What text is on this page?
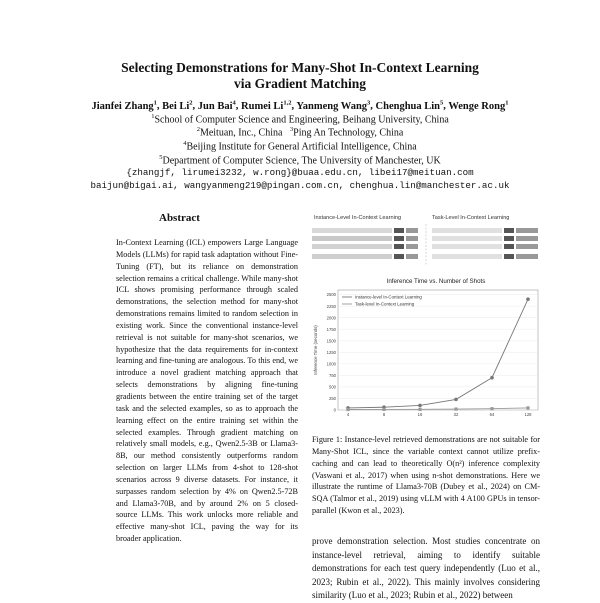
Selecting Demonstrations for Many-Shot In-Context Learning
via Gradient Matching
Jianfei Zhang$^1$, Bei Li$^2$, Jun Bai$^4$, Rumei Li$^{1,2}$, Yanmeng Wang$^3$, Chenghua Lin$^5$, Wenge Rong$^1$
$^1$School of Computer Science and Engineering, Beihang University, China
$^2$Meituan, Inc., China $^3$Ping An Technology, China
$^4$Beijing Institute for General Artificial Intelligence, China
$^5$Department of Computer Science, The University of Manchester, UK
{zhangjf, lirumei3232, w.rong}@buaa.edu.cn, libei17@meituan.com
baijun@bigai.ai, wangyanmeng219@pingan.com.cn, chenghua.lin@manchester.ac.uk
Abstract
In-Context Learning (ICL) empowers Large Language Models (LLMs) for rapid task adaptation without Fine-Tuning (FT), but its reliance on demonstration selection remains a critical challenge. While many-shot ICL shows promising performance through scaled demonstrations, the selection method for many-shot demonstrations remains limited to random selection in existing work. Since the conventional instance-level retrieval is not suitable for many-shot scenarios, we hypothesize that the data requirements for in-context learning and fine-tuning are analogous. To this end, we introduce a novel gradient matching approach that selects demonstrations by aligning fine-tuning gradients between the entire training set of the target task and the selected examples, so as to approach the learning effect on the entire training set within the selected examples. Through gradient matching on relatively small models, e.g., Qwen2.5-3B or Llama3-8B, our method consistently outperforms random selection on larger LLMs from 4-shot to 128-shot scenarios across 9 diverse datasets. For instance, it surpasses random selection by 4% on Qwen2.5-72B and Llama3-70B, and by around 2% on 5 closed-source LLMs. This work unlocks more reliable and effective many-shot ICL, paving the way for its broader application.
Instance-Level In-Context Learning	Task-Level In-Context Learning
Inference Time vs. Number of Shots
0
250
500
750
1000
1250
1500
1750
2000
2250
2500
4	8	16	32	64	128
Inference Time (seconds)
Instance-level In-Context Learning
Task-level In-Context Learning
Figure 1: Instance-level retrieved demonstrations are not suitable for Many-Shot ICL, since the variable context cannot utilize prefix-caching and can lead to theoretically O(n²) inference complexity (Vaswani et al., 2017) when using n-shot demonstrations. Here we illustrate the runtime of Llama3-70B (Dubey et al., 2024) on CM-SQA (Talmor et al., 2019) using vLLM with 4 A100 GPUs in tensor-parallel (Kwon et al., 2023).
prove demonstration selection. Most studies concentrate on instance-level retrieval, aiming to identify suitable demonstrations for each test query independently (Luo et al., 2023; Rubin et al., 2022). This mainly involves considering similarity (Luo et al., 2023; Rubin et al., 2022) between
